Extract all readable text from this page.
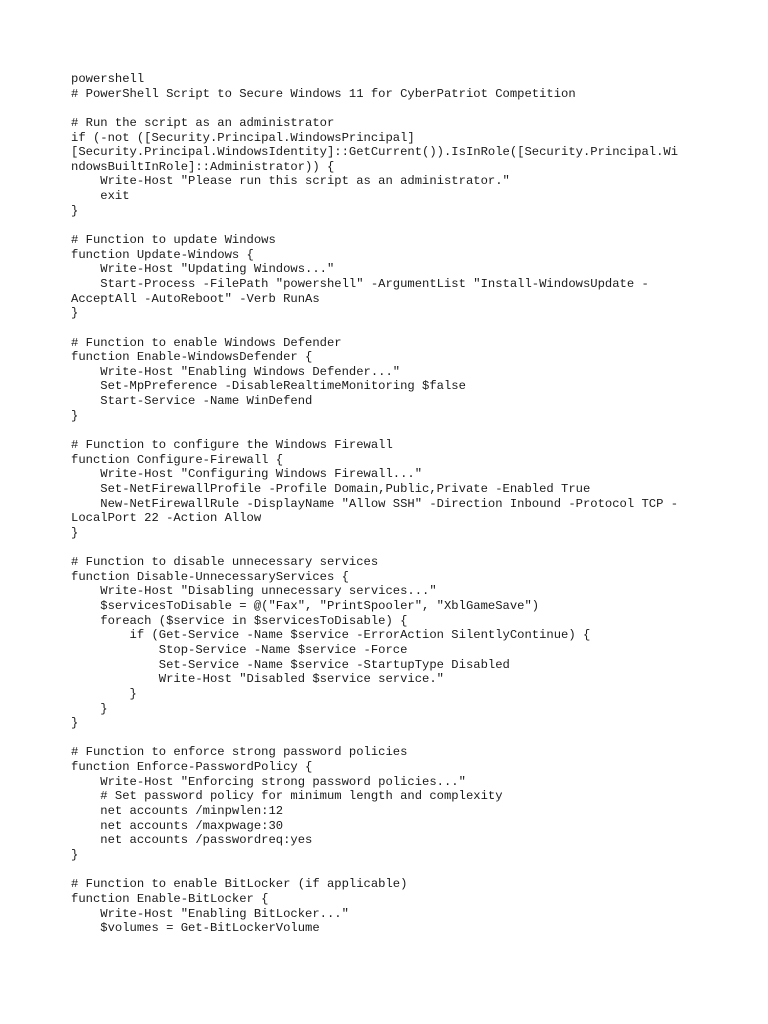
powershell
# PowerShell Script to Secure Windows 11 for CyberPatriot Competition
# Run the script as an administrator
if (-not ([Security.Principal.WindowsPrincipal]
[Security.Principal.WindowsIdentity]::GetCurrent()).IsInRole([Security.Principal.Wi
ndowsBuiltInRole]::Administrator)) {
Write-Host "Please run this script as an administrator."
exit
}
# Function to update Windows
function Update-Windows {
Write-Host "Updating Windows..."
Start-Process -FilePath "powershell" -ArgumentList "Install-WindowsUpdate -
AcceptAll -AutoReboot" -Verb RunAs
}
# Function to enable Windows Defender
function Enable-WindowsDefender {
Write-Host "Enabling Windows Defender..."
Set-MpPreference -DisableRealtimeMonitoring $false
Start-Service -Name WinDefend
}
# Function to configure the Windows Firewall
function Configure-Firewall {
Write-Host "Configuring Windows Firewall..."
Set-NetFirewallProfile -Profile Domain,Public,Private -Enabled True
New-NetFirewallRule -DisplayName "Allow SSH" -Direction Inbound -Protocol TCP -
LocalPort 22 -Action Allow
}
# Function to disable unnecessary services
function Disable-UnnecessaryServices {
Write-Host "Disabling unnecessary services..."
$servicesToDisable = @("Fax", "PrintSpooler", "XblGameSave")
foreach ($service in $servicesToDisable) {
if (Get-Service -Name $service -ErrorAction SilentlyContinue) {
Stop-Service -Name $service -Force
Set-Service -Name $service -StartupType Disabled
Write-Host "Disabled $service service."
}
}
}
# Function to enforce strong password policies
function Enforce-PasswordPolicy {
Write-Host "Enforcing strong password policies..."
# Set password policy for minimum length and complexity
net accounts /minpwlen:12
net accounts /maxpwage:30
net accounts /passwordreq:yes
}
# Function to enable BitLocker (if applicable)
function Enable-BitLocker {
Write-Host "Enabling BitLocker..."
$volumes = Get-BitLockerVolume
